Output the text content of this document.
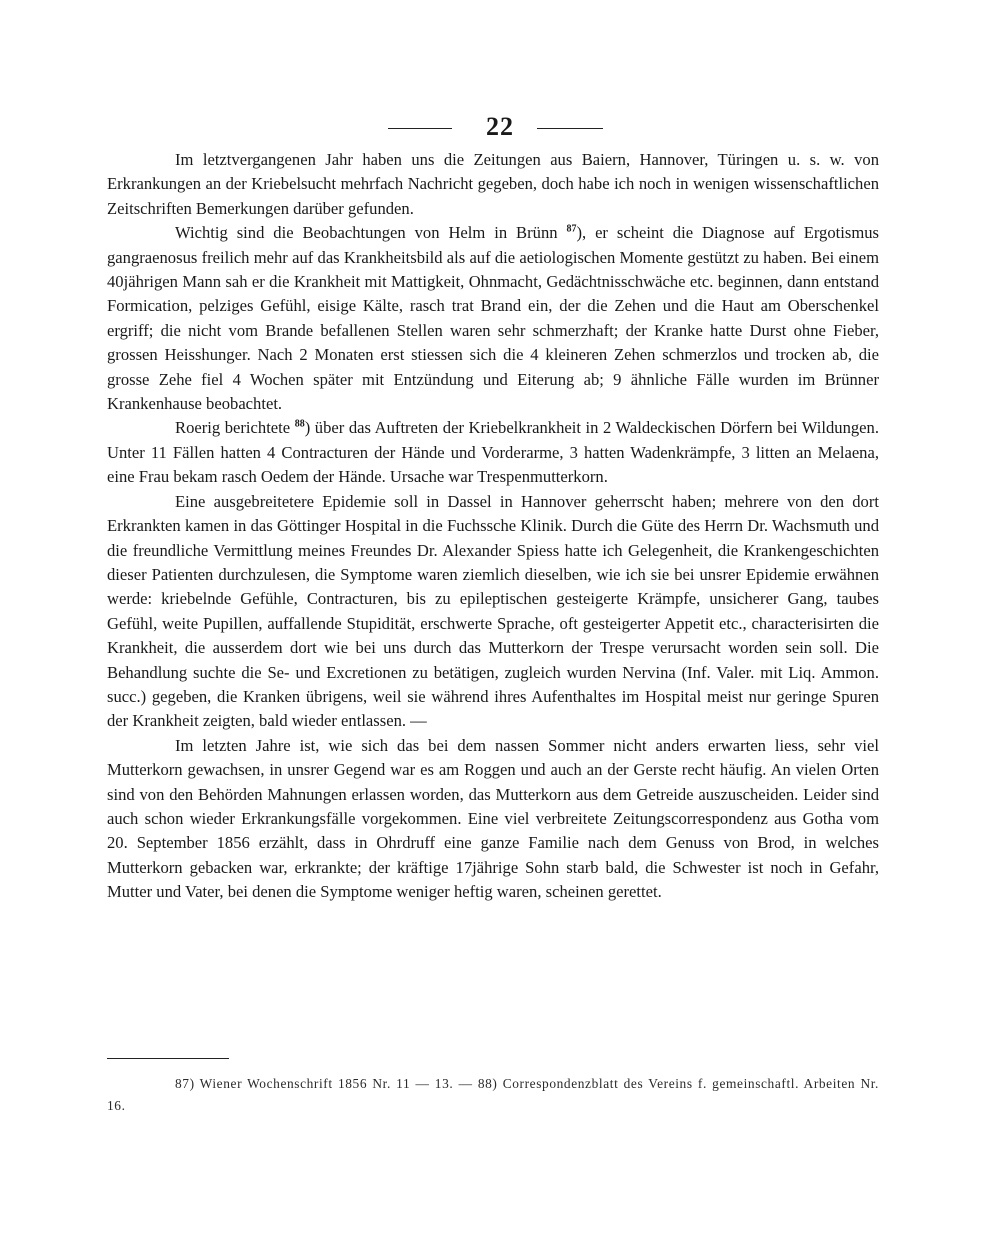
22

Im letztvergangenen Jahr haben uns die Zeitungen aus Baiern, Hannover, Türingen u. s. w. von Erkrankungen an der Kriebelsucht mehrfach Nachricht gegeben, doch habe ich noch in wenigen wissenschaftlichen Zeitschriften Bemerkungen darüber gefunden.

Wichtig sind die Beobachtungen von Helm in Brünn $^{87}$), er scheint die Diagnose auf Ergotismus gangraenosus freilich mehr auf das Krankheitsbild als auf die aetiologischen Momente gestützt zu haben. Bei einem 40jährigen Mann sah er die Krankheit mit Mattigkeit, Ohnmacht, Gedächtnisschwäche etc. beginnen, dann entstand Formication, pelziges Gefühl, eisige Kälte, rasch trat Brand ein, der die Zehen und die Haut am Oberschenkel ergriff; die nicht vom Brande befallenen Stellen waren sehr schmerzhaft; der Kranke hatte Durst ohne Fieber, grossen Heisshunger. Nach 2 Monaten erst stiessen sich die 4 kleineren Zehen schmerzlos und trocken ab, die grosse Zehe fiel 4 Wochen später mit Entzündung und Eiterung ab; 9 ähnliche Fälle wurden im Brünner Krankenhause beobachtet.

Roerig berichtete $^{88}$) über das Auftreten der Kriebelkrankheit in 2 Waldeckischen Dörfern bei Wildungen. Unter 11 Fällen hatten 4 Contracturen der Hände und Vorderarme, 3 hatten Wadenkrämpfe, 3 litten an Melaena, eine Frau bekam rasch Oedem der Hände. Ursache war Trespenmutterkorn.

Eine ausgebreitetere Epidemie soll in Dassel in Hannover geherrscht haben; mehrere von den dort Erkrankten kamen in das Göttinger Hospital in die Fuchssche Klinik. Durch die Güte des Herrn Dr. Wachsmuth und die freundliche Vermittlung meines Freundes Dr. Alexander Spiess hatte ich Gelegenheit, die Krankengeschichten dieser Patienten durchzulesen, die Symptome waren ziemlich dieselben, wie ich sie bei unsrer Epidemie erwähnen werde: kriebelnde Gefühle, Contracturen, bis zu epileptischen gesteigerte Krämpfe, unsicherer Gang, taubes Gefühl, weite Pupillen, auffallende Stupidität, erschwerte Sprache, oft gesteigerter Appetit etc., characterisirten die Krankheit, die ausserdem dort wie bei uns durch das Mutterkorn der Trespe verursacht worden sein soll. Die Behandlung suchte die Se- und Excretionen zu betätigen, zugleich wurden Nervina (Inf. Valer. mit Liq. Ammon. succ.) gegeben, die Kranken übrigens, weil sie während ihres Aufenthaltes im Hospital meist nur geringe Spuren der Krankheit zeigten, bald wieder entlassen. —

Im letzten Jahre ist, wie sich das bei dem nassen Sommer nicht anders erwarten liess, sehr viel Mutterkorn gewachsen, in unsrer Gegend war es am Roggen und auch an der Gerste recht häufig. An vielen Orten sind von den Behörden Mahnungen erlassen worden, das Mutterkorn aus dem Getreide auszuscheiden. Leider sind auch schon wieder Erkrankungsfälle vorgekommen. Eine viel verbreitete Zeitungscorrespondenz aus Gotha vom 20. September 1856 erzählt, dass in Ohrdruff eine ganze Familie nach dem Genuss von Brod, in welches Mutterkorn gebacken war, erkrankte; der kräftige 17jährige Sohn starb bald, die Schwester ist noch in Gefahr, Mutter und Vater, bei denen die Symptome weniger heftig waren, scheinen gerettet.

87) Wiener Wochenschrift 1856 Nr. 11 — 13. — 88) Correspondenzblatt des Vereins f. gemeinschaftl. Arbeiten Nr. 16.
